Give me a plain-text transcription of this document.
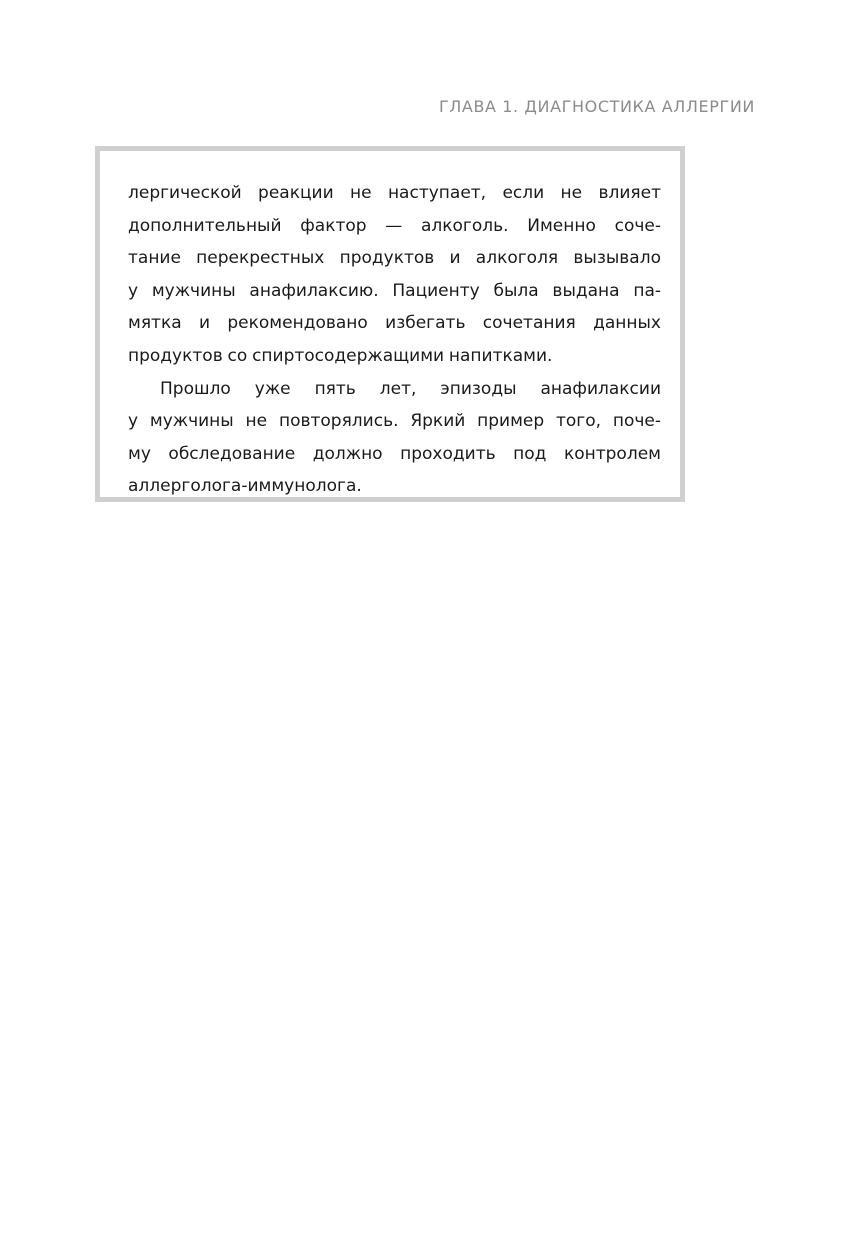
ГЛАВА 1. ДИАГНОСТИКА АЛЛЕРГИИ
лергической реакции не наступает, если не влияет
дополнительный фактор — алкоголь. Именно соче-
тание перекрестных продуктов и алкоголя вызывало
у мужчины анафилаксию. Пациенту была выдана па-
мятка и рекомендовано избегать сочетания данных
продуктов со спиртосодержащими напитками.
Прошло уже пять лет, эпизоды анафилаксии
у мужчины не повторялись. Яркий пример того, поче-
му обследование должно проходить под контролем
аллерголога-иммунолога.
